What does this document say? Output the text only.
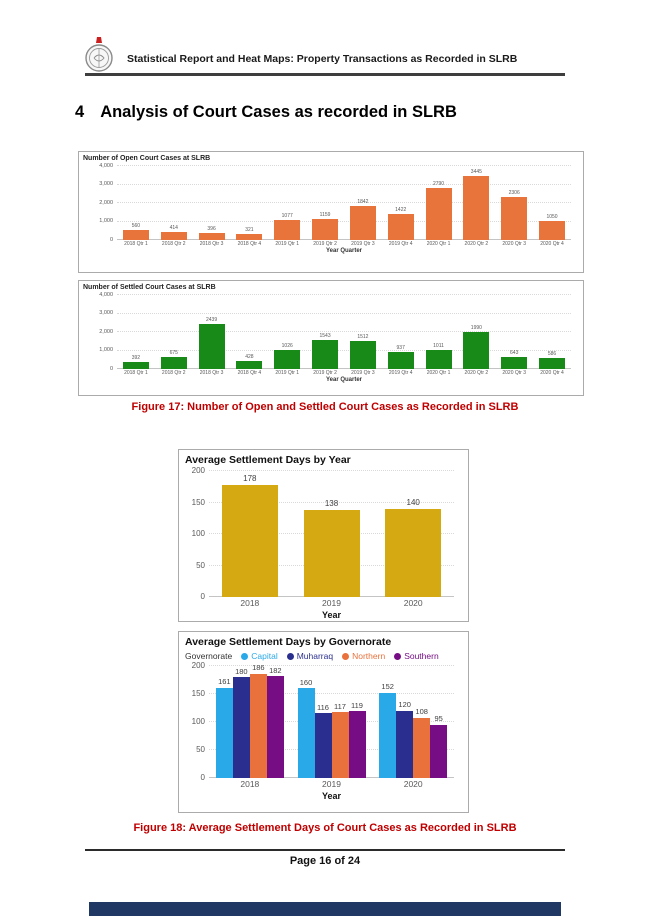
Statistical Report and Heat Maps: Property Transactions as Recorded in SLRB
4 Analysis of Court Cases as recorded in SLRB
Number of Open Court Cases at SLRB
0
1,000
2,000
3,000
4,000
560	414	396	321
1077	1159
1842
1422
2790
3445
2306
1050
2018 Qtr 1	2018 Qtr 2	2018 Qtr 3	2018 Qtr 4	2019 Qtr 1	2019 Qtr 2	2019 Qtr 3	2019 Qtr 4	2020 Qtr 1	2020 Qtr 2	2020 Qtr 3	2020 Qtr 4
Year Quarter
Number of Settled Court Cases at SLRB
0
1,000
2,000
3,000
4,000
392
675
2439
428
1026
1543	1512
937	1011
1990
643	586
2018 Qtr 1	2018 Qtr 2	2018 Qtr 3	2018 Qtr 4	2019 Qtr 1	2019 Qtr 2	2019 Qtr 3	2019 Qtr 4	2020 Qtr 1	2020 Qtr 2	2020 Qtr 3	2020 Qtr 4
Year Quarter
Figure 17: Number of Open and Settled Court Cases as Recorded in SLRB
Average Settlement Days by Year
0
50
100
150
200
178
138	140
2018	2019	2020
Year
Average Settlement Days by Governorate
Governorate Capital Muharraq Northern Southern
0
50
100
150
200
161
180 186 182
160
116 117 119
152
120
108
95
2018	2019	2020
Year
Figure 18: Average Settlement Days of Court Cases as Recorded in SLRB
Page 16 of 24
